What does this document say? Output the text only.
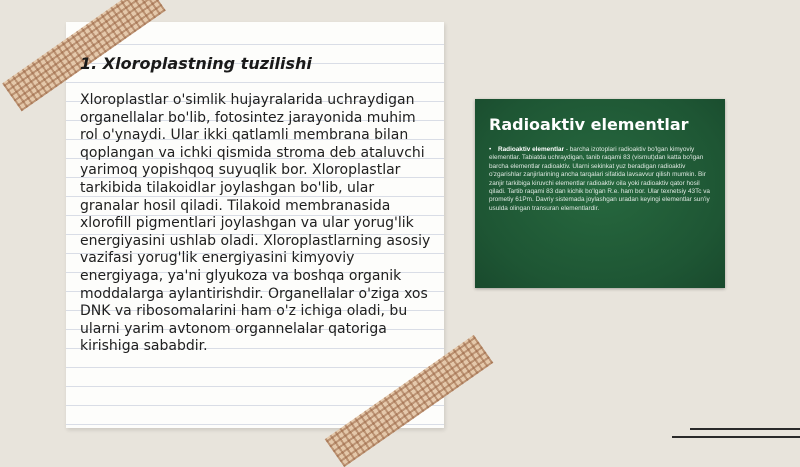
1. Xloroplastning tuzilishi

Xloroplastlar o'simlik hujayralarida uchraydigan organellalar bo'lib, fotosintez jarayonida muhim rol o'ynaydi. Ular ikki qatlamli membrana bilan qoplangan va ichki qismida stroma deb ataluvchi yarimoq yopishqoq suyuqlik bor. Xloroplastlar tarkibida tilakoidlar joylashgan bo'lib, ular granalar hosil qiladi. Tilakoid membranasida xlorofill pigmentlari joylashgan va ular yorug'lik energiyasini ushlab oladi. Xloroplastlarning asosiy vazifasi yorug'lik energiyasini kimyoviy energiyaga, ya'ni glyukoza va boshqa organik moddalarga aylantirishdir. Organellalar o'ziga xos DNK va ribosomalarini ham o'z ichiga oladi, bu ularni yarim avtonom organnelalar qatoriga kirishiga sababdir.

Radioaktiv elementlar

• Radioaktiv elementlar - barcha izotoplari radioaktiv bo'lgan kimyoviy elementlar. Tabiatda uchraydigan, tanib raqami 83 (vismut)dan katta bo'lgan barcha elementlar radioaktiv. Ularni sekinkat yuz beradigan radioaktiv o'zgarishlar zanjirlarining ancha tarqalari sifatida lavsavvur qilish mumkin. Bir zanjir tarkibiga kiruvchi elementlar radioaktiv oila yoki radioaktiv qator hosil qiladi. Tartib raqami 83 dan kichik bo'lgan R.e. ham bor. Ular texnetsiy 43Tc va prometiy 61Pm. Davriy sistemada joylashgan uradan keyingi elementlar sun'iy usulda olingan transuran elementlardir.
